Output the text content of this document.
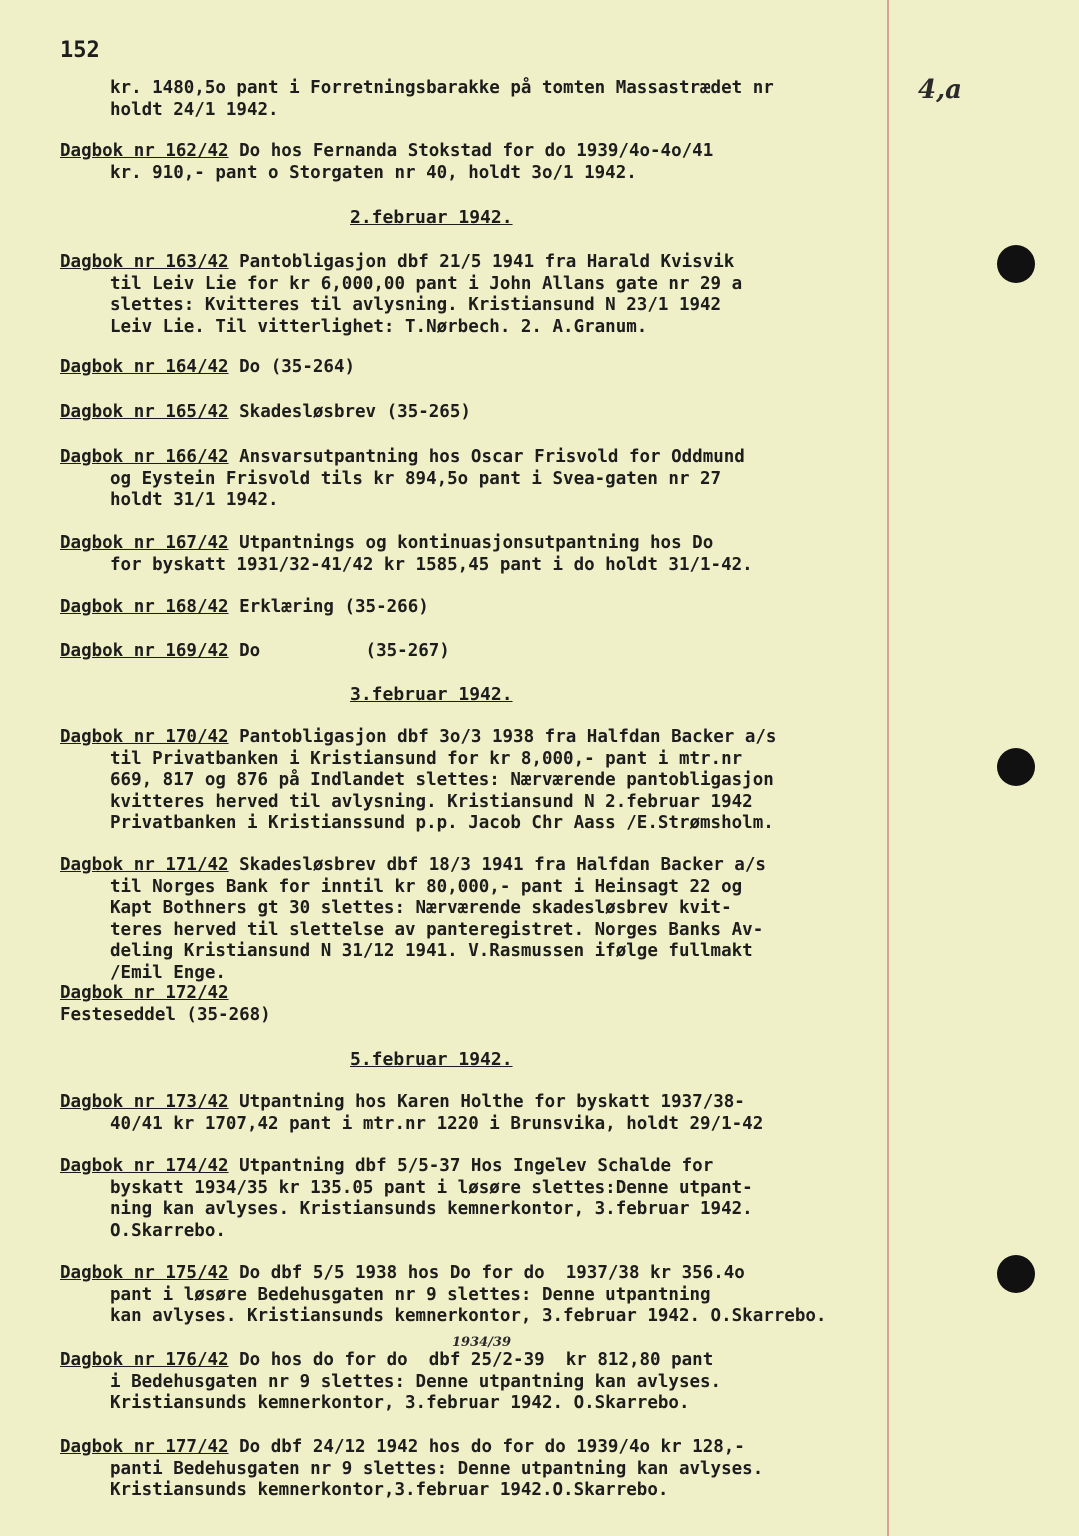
152
4,a
kr. 1480,5o pant i Forretningsbarakke på tomten Massastrædet nr
holdt 24/1 1942.
Dagbok nr 162/42 Do hos Fernanda Stokstad for do 1939/4o-4o/41
kr. 910,- pant o Storgaten nr 40, holdt 3o/1 1942.
2.februar 1942.
Dagbok nr 163/42 Pantobligasjon dbf 21/5 1941 fra Harald Kvisvik
til Leiv Lie for kr 6,000,00 pant i John Allans gate nr 29 a
slettes: Kvitteres til avlysning. Kristiansund N 23/1 1942
Leiv Lie. Til vitterlighet: T.Nørbech. 2. A.Granum.
Dagbok nr 164/42 Do (35-264)
Dagbok nr 165/42 Skadesløsbrev (35-265)
Dagbok nr 166/42 Ansvarsutpantning hos Oscar Frisvold for Oddmund
og Eystein Frisvold tils kr 894,5o pant i Svea-gaten nr 27
holdt 31/1 1942.
Dagbok nr 167/42 Utpantnings og kontinuasjonsutpantning hos Do
for byskatt 1931/32-41/42 kr 1585,45 pant i do holdt 31/1-42.
Dagbok nr 168/42 Erklæring (35-266)
Dagbok nr 169/42 Do          (35-267)
3.februar 1942.
Dagbok nr 170/42 Pantobligasjon dbf 3o/3 1938 fra Halfdan Backer a/s
til Privatbanken i Kristiansund for kr 8,000,- pant i mtr.nr
669, 817 og 876 på Indlandet slettes: Nærværende pantobligasjon
kvitteres herved til avlysning. Kristiansund N 2.februar 1942
Privatbanken i Kristianssund p.p. Jacob Chr Aass /E.Strømsholm.
Dagbok nr 171/42 Skadesløsbrev dbf 18/3 1941 fra Halfdan Backer a/s
til Norges Bank for inntil kr 80,000,- pant i Heinsagt 22 og
Kapt Bothners gt 30 slettes: Nærværende skadesløsbrev kvit-
teres herved til slettelse av panteregistret. Norges Banks Av-
deling Kristiansund N 31/12 1941. V.Rasmussen ifølge fullmakt
/Emil Enge.
Dagbok nr 172/42
Festeseddel (35-268)
5.februar 1942.
Dagbok nr 173/42 Utpantning hos Karen Holthe for byskatt 1937/38-
40/41 kr 1707,42 pant i mtr.nr 1220 i Brunsvika, holdt 29/1-42
Dagbok nr 174/42 Utpantning dbf 5/5-37 Hos Ingelev Schalde for
byskatt 1934/35 kr 135.05 pant i løsøre slettes:Denne utpant-
ning kan avlyses. Kristiansunds kemnerkontor, 3.februar 1942.
O.Skarrebo.
Dagbok nr 175/42 Do dbf 5/5 1938 hos Do for do  1937/38 kr 356.4o
pant i løsøre Bedehusgaten nr 9 slettes: Denne utpantning
kan avlyses. Kristiansunds kemnerkontor, 3.februar 1942. O.Skarrebo.
1934/39
Dagbok nr 176/42 Do hos do for do  dbf 25/2-39  kr 812,80 pant
i Bedehusgaten nr 9 slettes: Denne utpantning kan avlyses.
Kristiansunds kemnerkontor, 3.februar 1942. O.Skarrebo.
Dagbok nr 177/42 Do dbf 24/12 1942 hos do for do 1939/4o kr 128,-
panti Bedehusgaten nr 9 slettes: Denne utpantning kan avlyses.
Kristiansunds kemnerkontor,3.februar 1942.O.Skarrebo.
